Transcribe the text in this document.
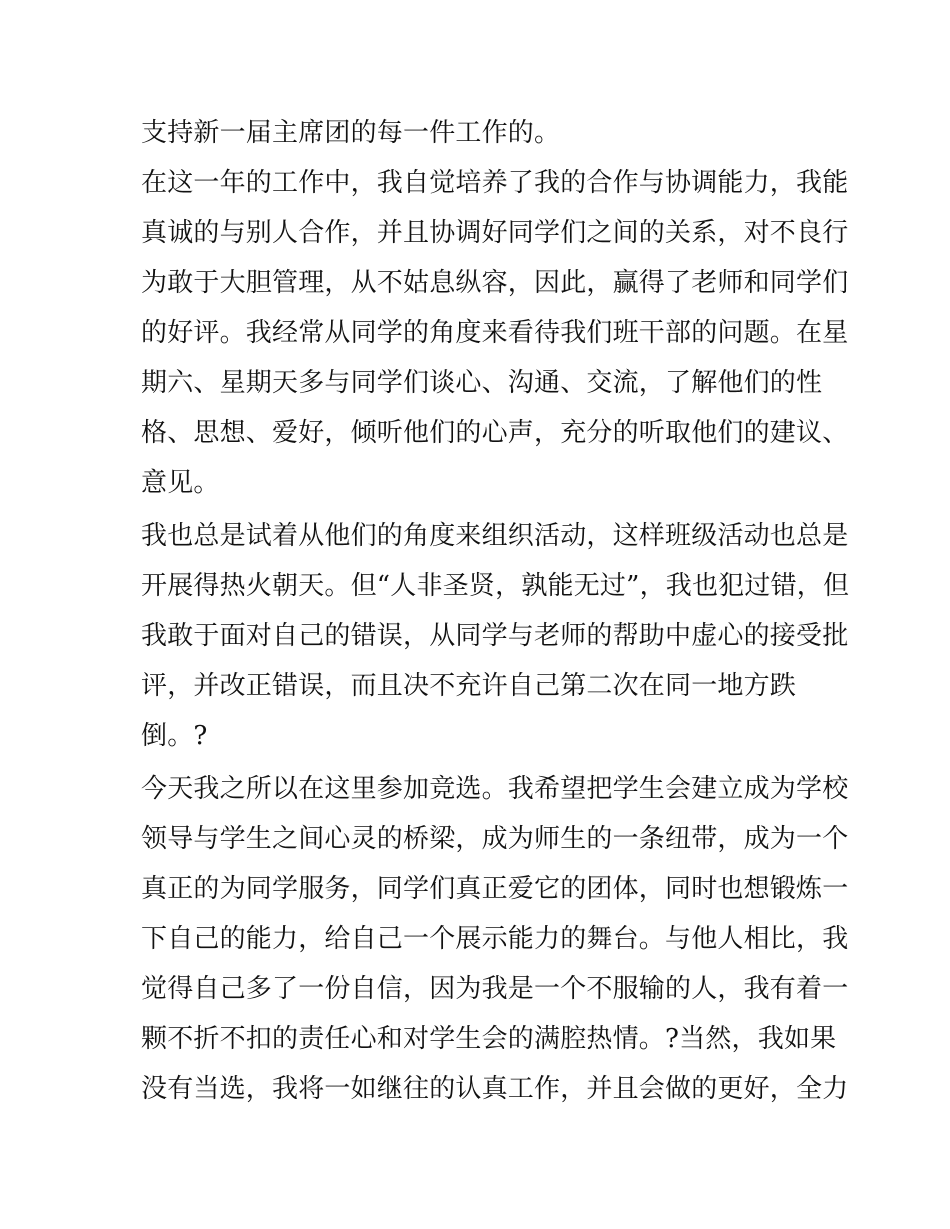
支持新一届主席团的每一件工作的。
在这一年的工作中，我自觉培养了我的合作与协调能力，我能
真诚的与别人合作，并且协调好同学们之间的关系，对不良行
为敢于大胆管理，从不姑息纵容，因此，赢得了老师和同学们
的好评。我经常从同学的角度来看待我们班干部的问题。在星
期六、星期天多与同学们谈心、沟通、交流，了解他们的性
格、思想、爱好，倾听他们的心声，充分的听取他们的建议、
意见。
我也总是试着从他们的角度来组织活动，这样班级活动也总是
开展得热火朝天。但“人非圣贤，孰能无过”，我也犯过错，但
我敢于面对自己的错误，从同学与老师的帮助中虚心的接受批
评，并改正错误，而且决不充许自己第二次在同一地方跌
倒。?
今天我之所以在这里参加竞选。我希望把学生会建立成为学校
领导与学生之间心灵的桥梁，成为师生的一条纽带，成为一个
真正的为同学服务，同学们真正爱它的团体，同时也想锻炼一
下自己的能力，给自己一个展示能力的舞台。与他人相比，我
觉得自己多了一份自信，因为我是一个不服输的人，我有着一
颗不折不扣的责任心和对学生会的满腔热情。?当然，我如果
没有当选，我将一如继往的认真工作，并且会做的更好，全力
